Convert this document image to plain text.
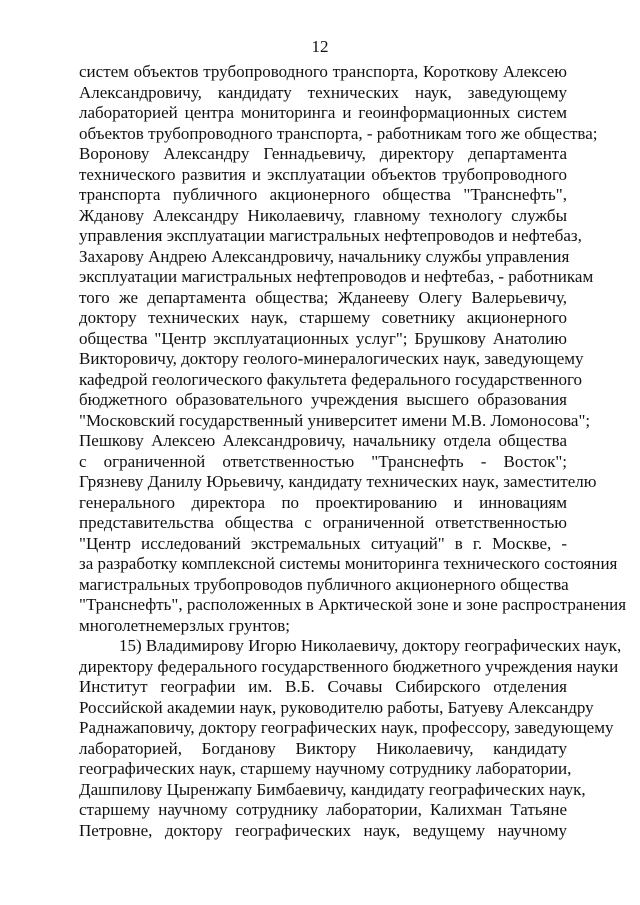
12
систем объектов трубопроводного транспорта, Короткову Алексею
Александровичу, кандидату технических наук, заведующему
лабораторией центра мониторинга и геоинформационных систем
объектов трубопроводного транспорта, - работникам того же общества;
Воронову Александру Геннадьевичу, директору департамента
технического развития и эксплуатации объектов трубопроводного
транспорта публичного акционерного общества "Транснефть",
Жданову Александру Николаевичу, главному технологу службы
управления эксплуатации магистральных нефтепроводов и нефтебаз,
Захарову Андрею Александровичу, начальнику службы управления
эксплуатации магистральных нефтепроводов и нефтебаз, - работникам
того же департамента общества; Жданееву Олегу Валерьевичу,
доктору технических наук, старшему советнику акционерного
общества "Центр эксплуатационных услуг"; Брушкову Анатолию
Викторовичу, доктору геолого-минералогических наук, заведующему
кафедрой геологического факультета федерального государственного
бюджетного образовательного учреждения высшего образования
"Московский государственный университет имени М.В. Ломоносова";
Пешкову Алексею Александровичу, начальнику отдела общества
с ограниченной ответственностью "Транснефть - Восток";
Грязневу Данилу Юрьевичу, кандидату технических наук, заместителю
генерального директора по проектированию и инновациям
представительства общества с ограниченной ответственностью
"Центр исследований экстремальных ситуаций" в г. Москве, -
за разработку комплексной системы мониторинга технического состояния
магистральных трубопроводов публичного акционерного общества
"Транснефть", расположенных в Арктической зоне и зоне распространения
многолетнемерзлых грунтов;
15) Владимирову Игорю Николаевичу, доктору географических наук,
директору федерального государственного бюджетного учреждения науки
Институт географии им. В.Б. Сочавы Сибирского отделения
Российской академии наук, руководителю работы, Батуеву Александру
Раднажаповичу, доктору географических наук, профессору, заведующему
лабораторией, Богданову Виктору Николаевичу, кандидату
географических наук, старшему научному сотруднику лаборатории,
Дашпилову Цыренжапу Бимбаевичу, кандидату географических наук,
старшему научному сотруднику лаборатории, Калихман Татьяне
Петровне, доктору географических наук, ведущему научному
